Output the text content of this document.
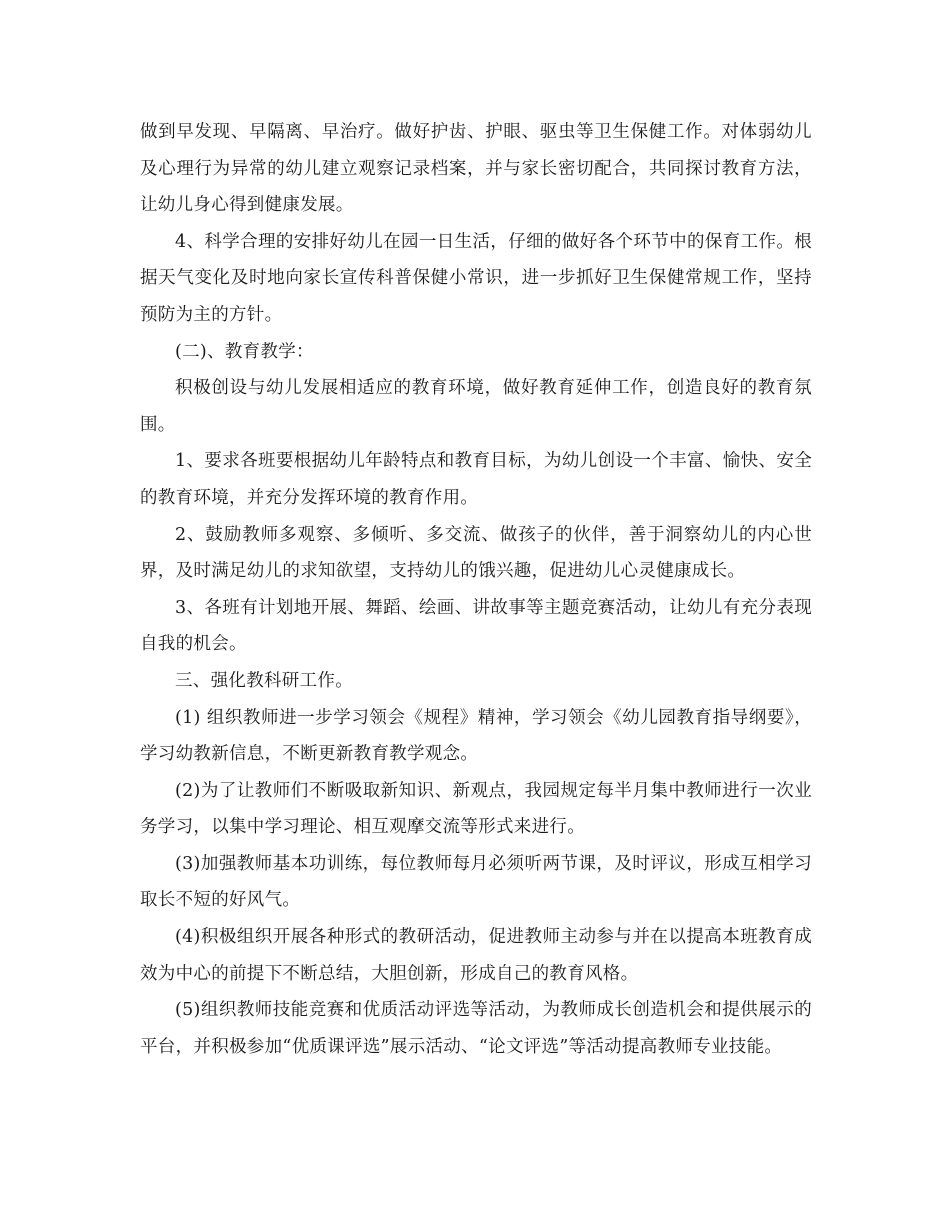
做到早发现、早隔离、早治疗。做好护齿、护眼、驱虫等卫生保健工作。对体弱幼儿及心理行为异常的幼儿建立观察记录档案，并与家长密切配合，共同探讨教育方法，让幼儿身心得到健康发展。

4、科学合理的安排好幼儿在园一日生活，仔细的做好各个环节中的保育工作。根据天气变化及时地向家长宣传科普保健小常识，进一步抓好卫生保健常规工作，坚持预防为主的方针。

(二)、教育教学：

积极创设与幼儿发展相适应的教育环境，做好教育延伸工作，创造良好的教育氛围。

1、要求各班要根据幼儿年龄特点和教育目标，为幼儿创设一个丰富、愉快、安全的教育环境，并充分发挥环境的教育作用。

2、鼓励教师多观察、多倾听、多交流、做孩子的伙伴，善于洞察幼儿的内心世界，及时满足幼儿的求知欲望，支持幼儿的饿兴趣，促进幼儿心灵健康成长。

3、各班有计划地开展、舞蹈、绘画、讲故事等主题竞赛活动，让幼儿有充分表现自我的机会。

三、强化教科研工作。

(1) 组织教师进一步学习领会《规程》精神，学习领会《幼儿园教育指导纲要》，学习幼教新信息，不断更新教育教学观念。

(2)为了让教师们不断吸取新知识、新观点，我园规定每半月集中教师进行一次业务学习，以集中学习理论、相互观摩交流等形式来进行。

(3)加强教师基本功训练，每位教师每月必须听两节课，及时评议，形成互相学习取长不短的好风气。

(4)积极组织开展各种形式的教研活动，促进教师主动参与并在以提高本班教育成效为中心的前提下不断总结，大胆创新，形成自己的教育风格。

(5)组织教师技能竞赛和优质活动评选等活动，为教师成长创造机会和提供展示的平台，并积极参加“优质课评选”展示活动、“论文评选”等活动提高教师专业技能。
